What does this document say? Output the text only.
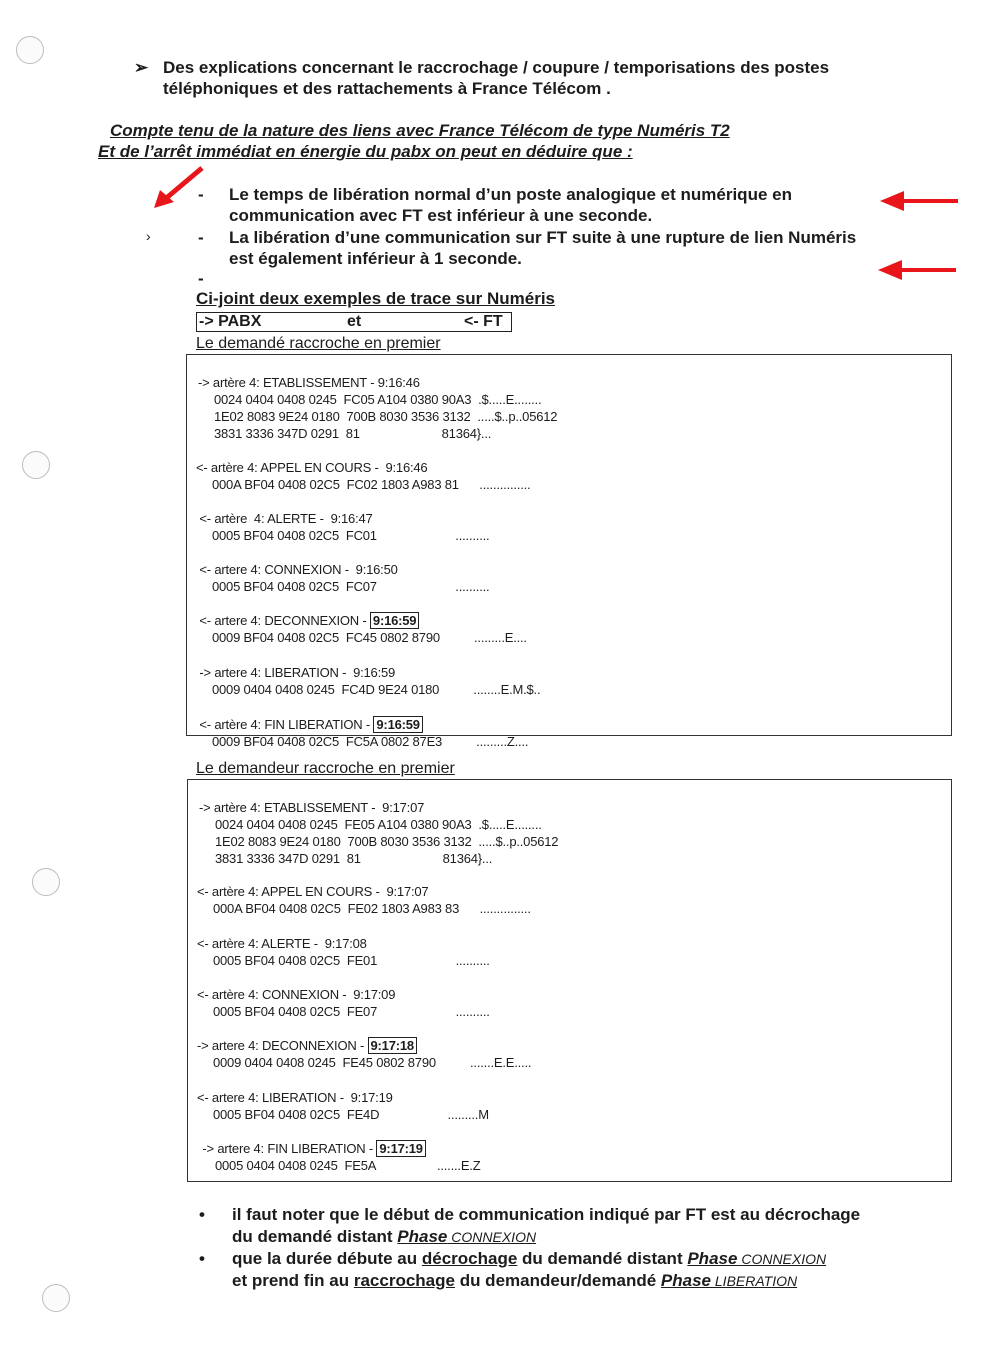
➢ Des explications concernant le raccrochage / coupure / temporisations des postes
téléphoniques et des rattachements à France Télécom .
Compte tenu de la nature des liens avec France Télécom de type Numéris T2
Et de l’arrêt immédiat en énergie du pabx on peut en déduire que :
- Le temps de libération normal d’un poste analogique et numérique en
communication avec FT est inférieur à une seconde.
›	- La libération d’une communication sur FT suite à une rupture de lien Numéris
est également inférieur à 1 seconde.
-
Ci-joint deux exemples de trace sur Numéris
-> PABX	et	<- FT
Le demandé raccroche en premier

-> artère 4: ETABLISSEMENT - 9:16:46
0024 0404 0408 0245  FC05 A104 0380 90A3  .$.....E........
1E02 8083 9E24 0180  700B 8030 3536 3132  .....$..p..05612
3831 3336 347D 0291  81                        81364}...

<- artère 4: APPEL EN COURS -  9:16:46
000A BF04 0408 02C5  FC02 1803 A983 81      ...............

<- artère  4: ALERTE -  9:16:47
0005 BF04 0408 02C5  FC01                       ..........

<- artere 4: CONNEXION -  9:16:50
0005 BF04 0408 02C5  FC07                       ..........

<- artere 4: DECONNEXION - 9:16:59
0009 BF04 0408 02C5  FC45 0802 8790          .........E....

-> artere 4: LIBERATION -  9:16:59
0009 0404 0408 0245  FC4D 9E24 0180          ........E.M.$..

<- artère 4: FIN LIBERATION - 9:16:59
0009 BF04 0408 02C5  FC5A 0802 87E3          .........Z....

Le demandeur raccroche en premier

-> artère 4: ETABLISSEMENT -  9:17:07
0024 0404 0408 0245  FE05 A104 0380 90A3  .$.....E........
1E02 8083 9E24 0180  700B 8030 3536 3132  .....$..p..05612
3831 3336 347D 0291  81                        81364}...

<- artère 4: APPEL EN COURS -  9:17:07
000A BF04 0408 02C5  FE02 1803 A983 83      ...............

<- artère 4: ALERTE -  9:17:08
0005 BF04 0408 02C5  FE01                       ..........

<- artère 4: CONNEXION -  9:17:09
0005 BF04 0408 02C5  FE07                       ..........

-> artere 4: DECONNEXION - 9:17:18
0009 0404 0408 0245  FE45 0802 8790          .......E.E.....

<- artere 4: LIBERATION -  9:17:19
0005 BF04 0408 02C5  FE4D                    .........M

-> artere 4: FIN LIBERATION - 9:17:19
0005 0404 0408 0245  FE5A                  .......E.Z

• il faut noter que le début de communication indiqué par FT est au décrochage
du demandé distant Phase CONNEXION
• que la durée débute au décrochage du demandé distant Phase CONNEXION
et prend fin au raccrochage du demandeur/demandé Phase LIBERATION
